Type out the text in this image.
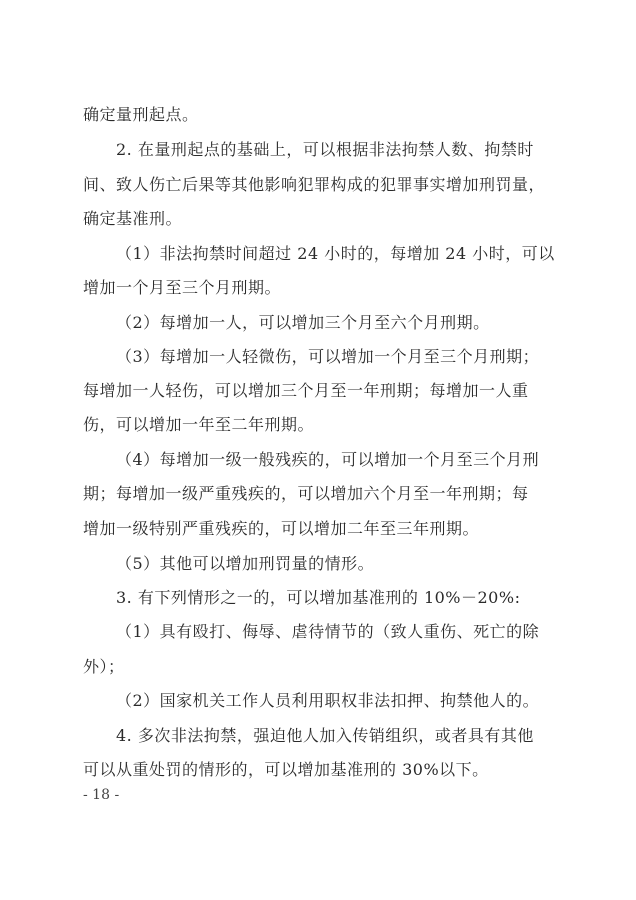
确定量刑起点。
2. 在量刑起点的基础上，可以根据非法拘禁人数、拘禁时
间、致人伤亡后果等其他影响犯罪构成的犯罪事实增加刑罚量，
确定基准刑。
（1）非法拘禁时间超过 24 小时的，每增加 24 小时，可以
增加一个月至三个月刑期。
（2）每增加一人，可以增加三个月至六个月刑期。
（3）每增加一人轻微伤，可以增加一个月至三个月刑期；
每增加一人轻伤，可以增加三个月至一年刑期；每增加一人重
伤，可以增加一年至二年刑期。
（4）每增加一级一般残疾的，可以增加一个月至三个月刑
期；每增加一级严重残疾的，可以增加六个月至一年刑期；每
增加一级特别严重残疾的，可以增加二年至三年刑期。
（5）其他可以增加刑罚量的情形。
3. 有下列情形之一的，可以增加基准刑的 10%－20%:
（1）具有殴打、侮辱、虐待情节的（致人重伤、死亡的除
外）；
（2）国家机关工作人员利用职权非法扣押、拘禁他人的。
4. 多次非法拘禁，强迫他人加入传销组织，或者具有其他
可以从重处罚的情形的，可以增加基准刑的 30%以下。
- 18 -
